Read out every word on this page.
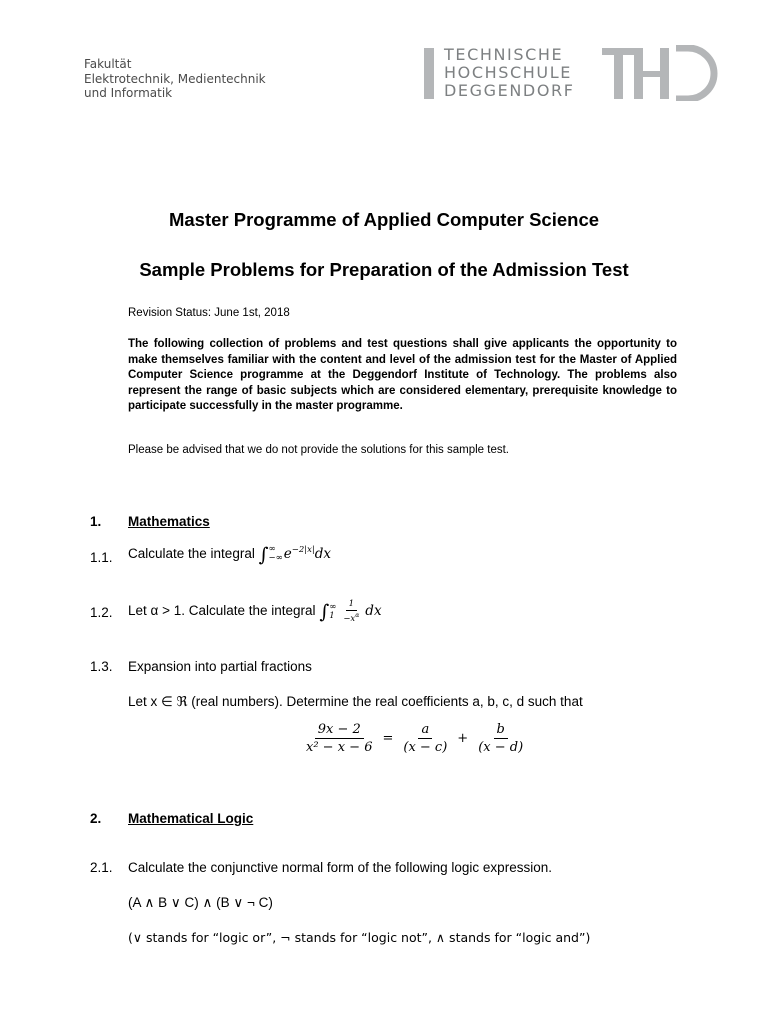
Fakultät
Elektrotechnik, Medientechnik
und Informatik
TECHNISCHE
HOCHSCHULE
DEGGENDORF
Master Programme of Applied Computer Science
Sample Problems for Preparation of the Admission Test
Revision Status: June 1st, 2018
The following collection of problems and test questions shall give applicants the opportunity to make themselves familiar with the content and level of the admission test for the Master of Applied Computer Science programme at the Deggendorf Institute of Technology. The problems also represent the range of basic subjects which are considered elementary, prerequisite knowledge to participate successfully in the master programme.
Please be advised that we do not provide the solutions for this sample test.
1. Mathematics
1.1. Calculate the integral ∫ ∞
−∞ $e^{-2|x|}dx$
1.2. Let α > 1. Calculate the integral ∫ ∞
$1 \frac{1}{-x^\alpha}$ dx
1.3. Expansion into partial fractions
Let x ∈ ℜ (real numbers). Determine the real coefficients a, b, c, d such that
$\frac{9x - 2}{\text{x² − x − 6}} = \frac{a}{(x - c)} + \frac{b}{(x - d)}$
2. Mathematical Logic
2.1. Calculate the conjunctive normal form of the following logic expression.
(A ∧ B ∨ C) ∧ (B ∨ ¬ C)
(∨ stands for “logic or”, ¬ stands for “logic not”, ∧ stands for “logic and”)
